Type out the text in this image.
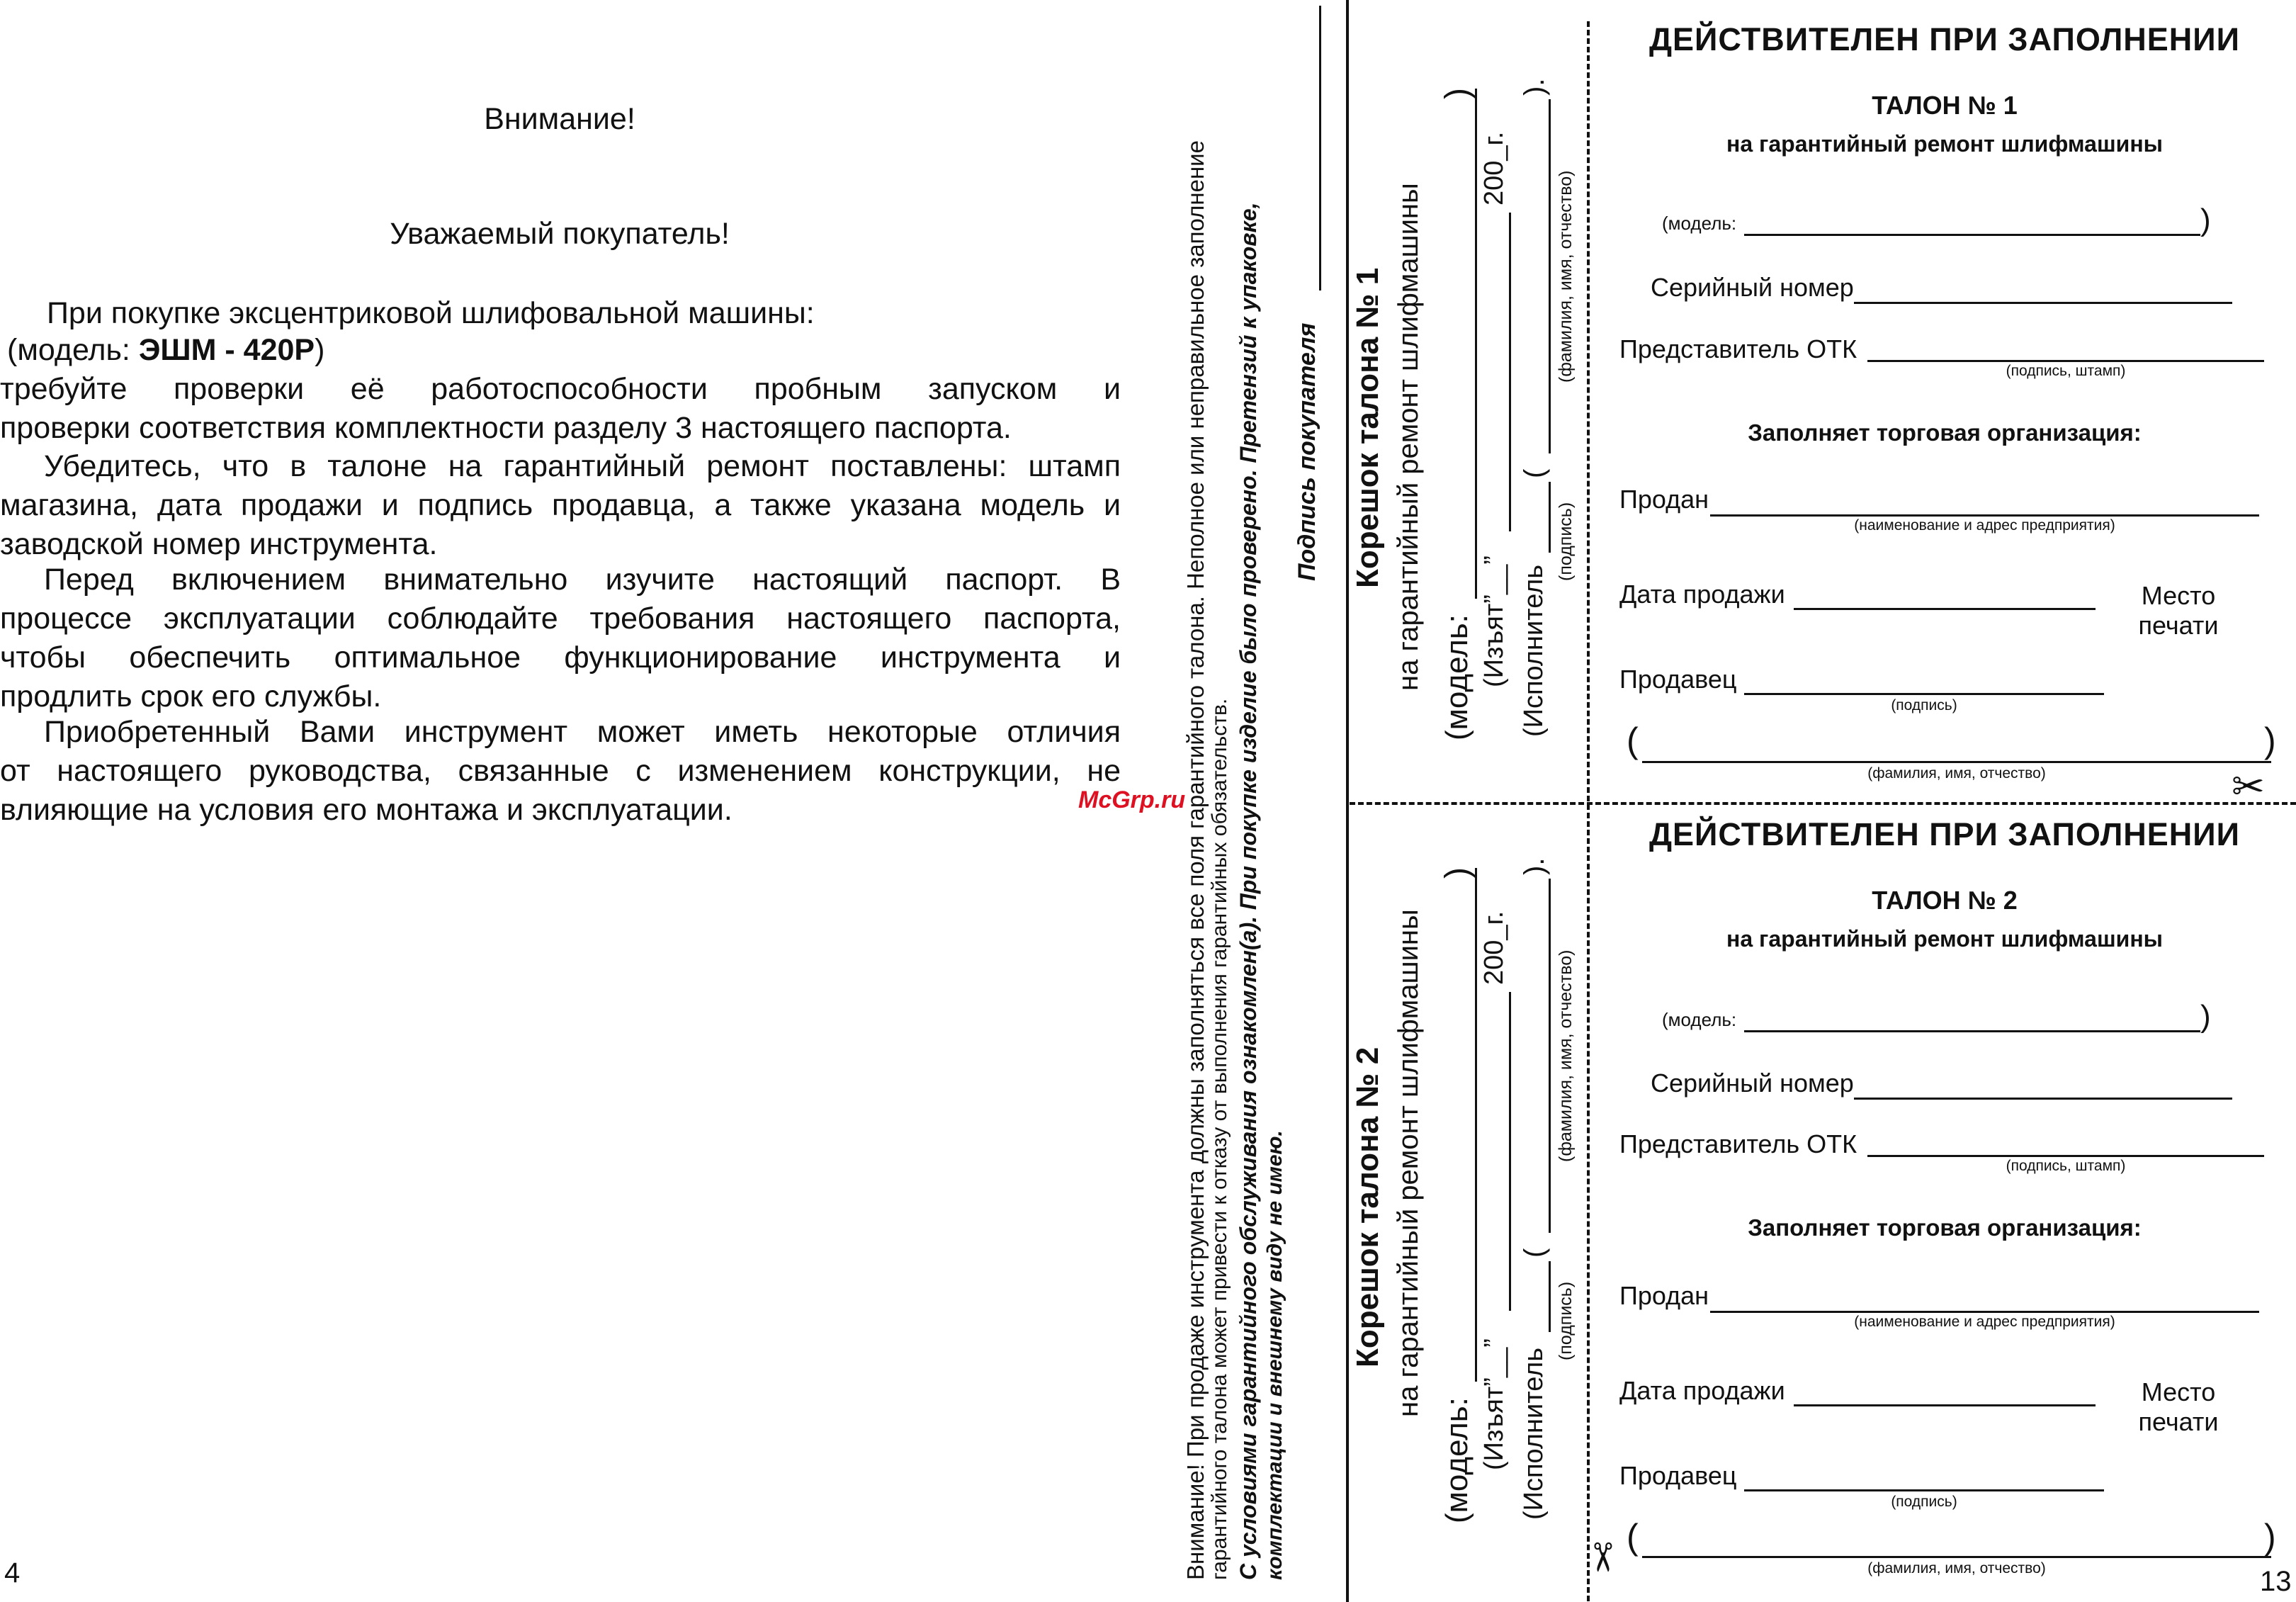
Внимание!
Уважаемый покупатель!
При покупке эксцентриковой шлифовальной машины:
(модель: ЭШМ - 420Р)
требуйте проверки её работоспособности пробным запуском и
проверки соответствия комплектности разделу 3 настоящего паспорта.
Убедитесь, что в талоне на гарантийный ремонт поставлены: штамп
магазина, дата продажи и подпись продавца, а также указана модель и
заводской номер инструмента.
Перед включением внимательно изучите настоящий паспорт. В
процессе эксплуатации соблюдайте требования настоящего паспорта,
чтобы обеспечить оптимальное функционирование инструмента и
продлить срок его службы.
Приобретенный Вами инструмент может иметь некоторые отличия
от настоящего руководства, связанные с изменением конструкции, не
влияющие на условия его монтажа и эксплуатации.	McGrp.ru
4	Внимание! При продаже инструмента должны заполняться все поля гарантийного талона. Неполное или неправильное заполнение гарантийного талона может привести к отказу от выполнения гарантийных обязательств. С условиями гарантийного обслуживания ознакомлен(а). При покупке изделие было проверено. Претензий к упаковке, комплектации и внешнему виду не имею.
Подпись покупателя Корешок талона № 1 на гарантийный ремонт шлифмашины (модель:
)
(Изъят”__”
200_г.
(Исполнитель
(
).
(подпись)
(фамилия, имя, отчество)
Корешок талона № 2 на гарантийный ремонт шлифмашины
(модель:
)
(Изъят”__”
200_г.
(Исполнитель
(
).
(подпись)
(фамилия, имя, отчество)
ДЕЙСТВИТЕЛЕН ПРИ ЗАПОЛНЕНИИ
ТАЛОН № 1
на гарантийный ремонт шлифмашины
(модель:	)
Серийный номер
Представитель ОТК
(подпись, штамп)
Заполняет торговая организация:
Продан
(наименование и адрес предприятия)
Дата продажи	Место
печати
Продавец
(подпись)
(	)
(фамилия, имя, отчество)
ДЕЙСТВИТЕЛЕН ПРИ ЗАПОЛНЕНИИ
ТАЛОН № 2
на гарантийный ремонт шлифмашины
(модель:	)
Серийный номер
Представитель ОТК
(подпись, штамп)
Заполняет торговая организация:
Продан
(наименование и адрес предприятия)
Дата продажи	Место
печати
Продавец
(подпись)
(	)
(фамилия, имя, отчество)
✂
✂
13
